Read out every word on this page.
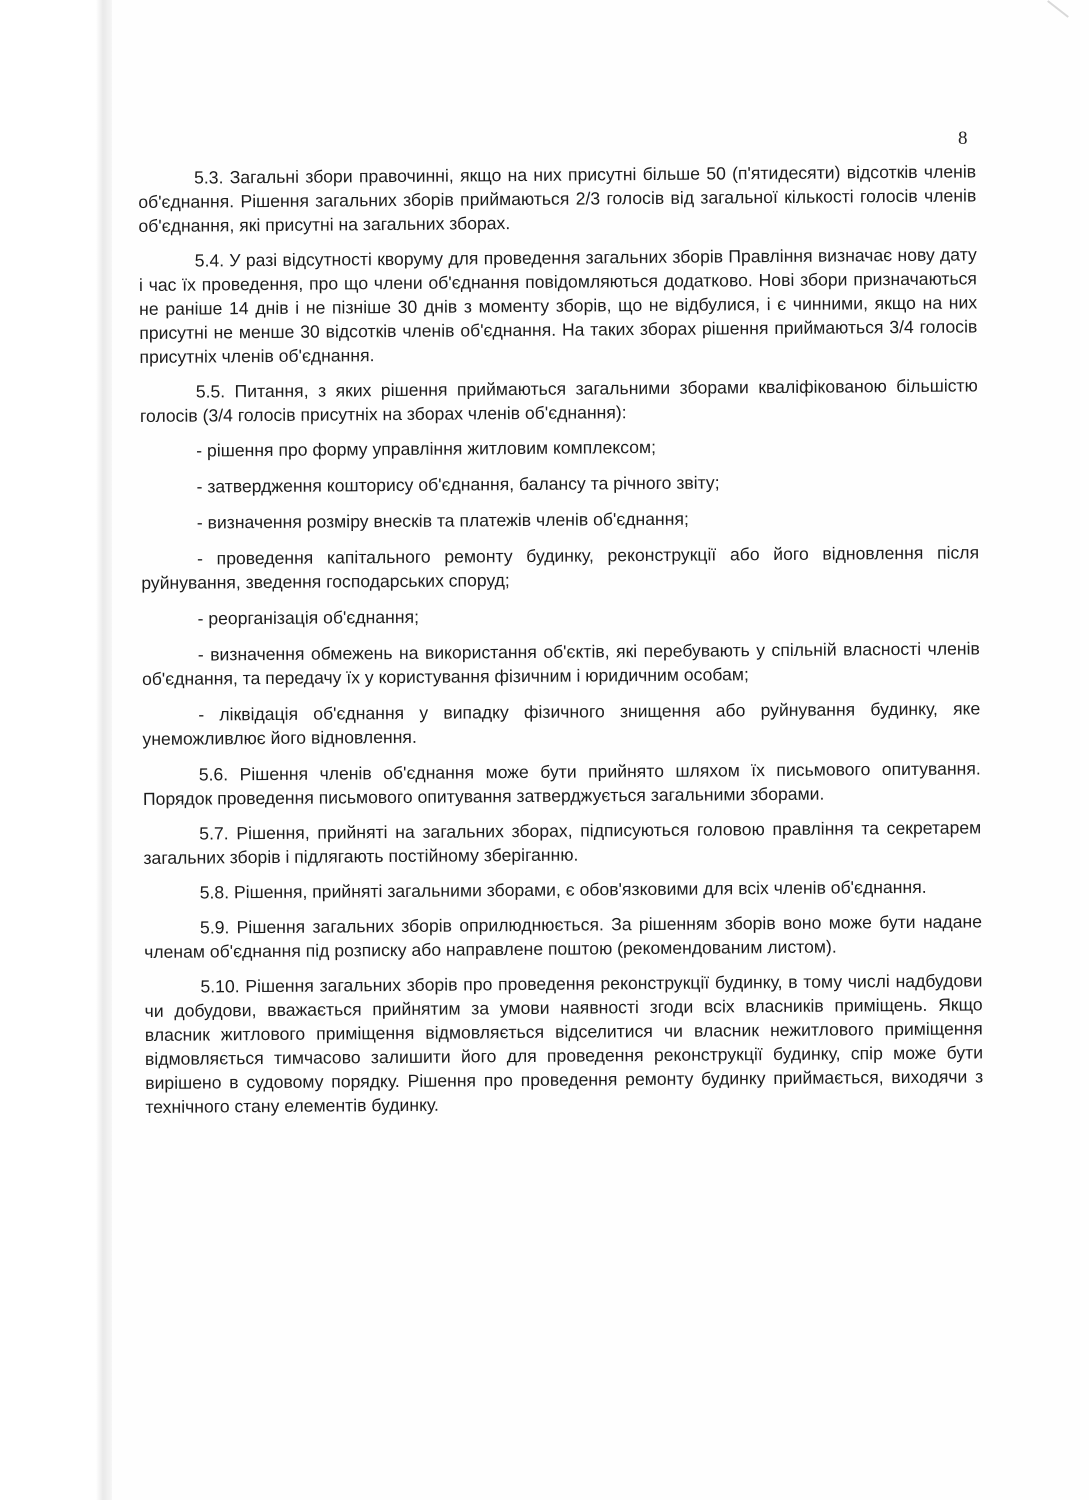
8

5.3. Загальні збори правочинні, якщо на них присутні більше 50 (п'ятидесяти) відсотків членів об'єднання. Рішення загальних зборів приймаються 2/3 голосів від загальної кількості голосів членів об'єднання, які присутні на загальних зборах.

5.4. У разі відсутності кворуму для проведення загальних зборів Правління визначає нову дату і час їх проведення, про що члени об'єднання повідомляються додатково. Нові збори призначаються не раніше 14 днів і не пізніше 30 днів з моменту зборів, що не відбулися, і є чинними, якщо на них присутні не менше 30 відсотків членів об'єднання. На таких зборах рішення приймаються 3/4 голосів присутніх членів об'єднання.

5.5. Питання, з яких рішення приймаються загальними зборами кваліфікованою більшістю голосів (3/4 голосів присутніх на зборах членів об'єднання):

- рішення про форму управління житловим комплексом;

- затвердження кошторису об'єднання, балансу та річного звіту;

- визначення розміру внесків та платежів членів об'єднання;

- проведення капітального ремонту будинку, реконструкції або його відновлення після руйнування, зведення господарських споруд;

- реорганізація об'єднання;

- визначення обмежень на використання об'єктів, які перебувають у спільній власності членів об'єднання, та передачу їх у користування фізичним і юридичним особам;

- ліквідація об'єднання у випадку фізичного знищення або руйнування будинку, яке унеможливлює його відновлення.

5.6. Рішення членів об'єднання може бути прийнято шляхом їх письмового опитування. Порядок проведення письмового опитування затверджується загальними зборами.

5.7. Рішення, прийняті на загальних зборах, підписуються головою правління та секретарем загальних зборів і підлягають постійному зберіганню.

5.8. Рішення, прийняті загальними зборами, є обов'язковими для всіх членів об'єднання.

5.9. Рішення загальних зборів оприлюднюється. За рішенням зборів воно може бути надане членам об'єднання під розписку або направлене поштою (рекомендованим листом).

5.10. Рішення загальних зборів про проведення реконструкції будинку, в тому числі надбудови чи добудови, вважається прийнятим за умови наявності згоди всіх власників приміщень. Якщо власник житлового приміщення відмовляється відселитися чи власник нежитлового приміщення відмовляється тимчасово залишити його для проведення реконструкції будинку, спір може бути вирішено в судовому порядку. Рішення про проведення ремонту будинку приймається, виходячи з технічного стану елементів будинку.
